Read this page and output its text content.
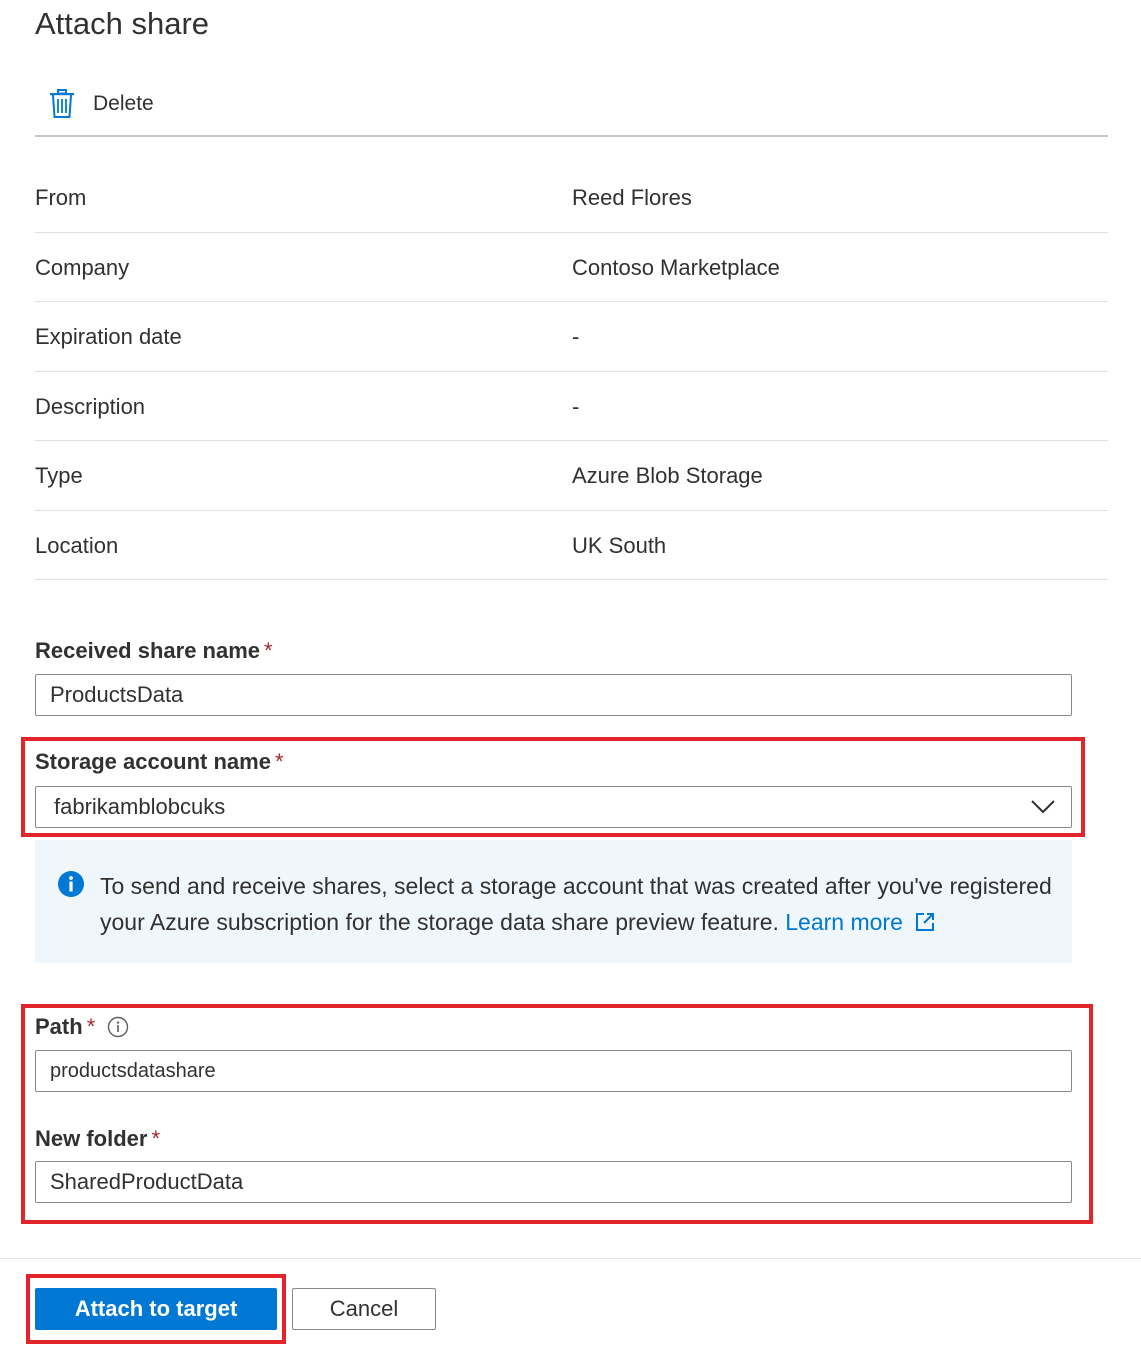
Attach share
Delete
From	Reed Flores
Company	Contoso Marketplace
Expiration date	-
Description	-
Type	Azure Blob Storage
Location	UK South
Received share name *
ProductsData
Storage account name *
fabrikamblobcuks
To send and receive shares, select a storage account that was created after you've registered your Azure subscription for the storage data share preview feature. Learn more
Path *
productsdatashare
New folder *
SharedProductData
Attach to target	Cancel
